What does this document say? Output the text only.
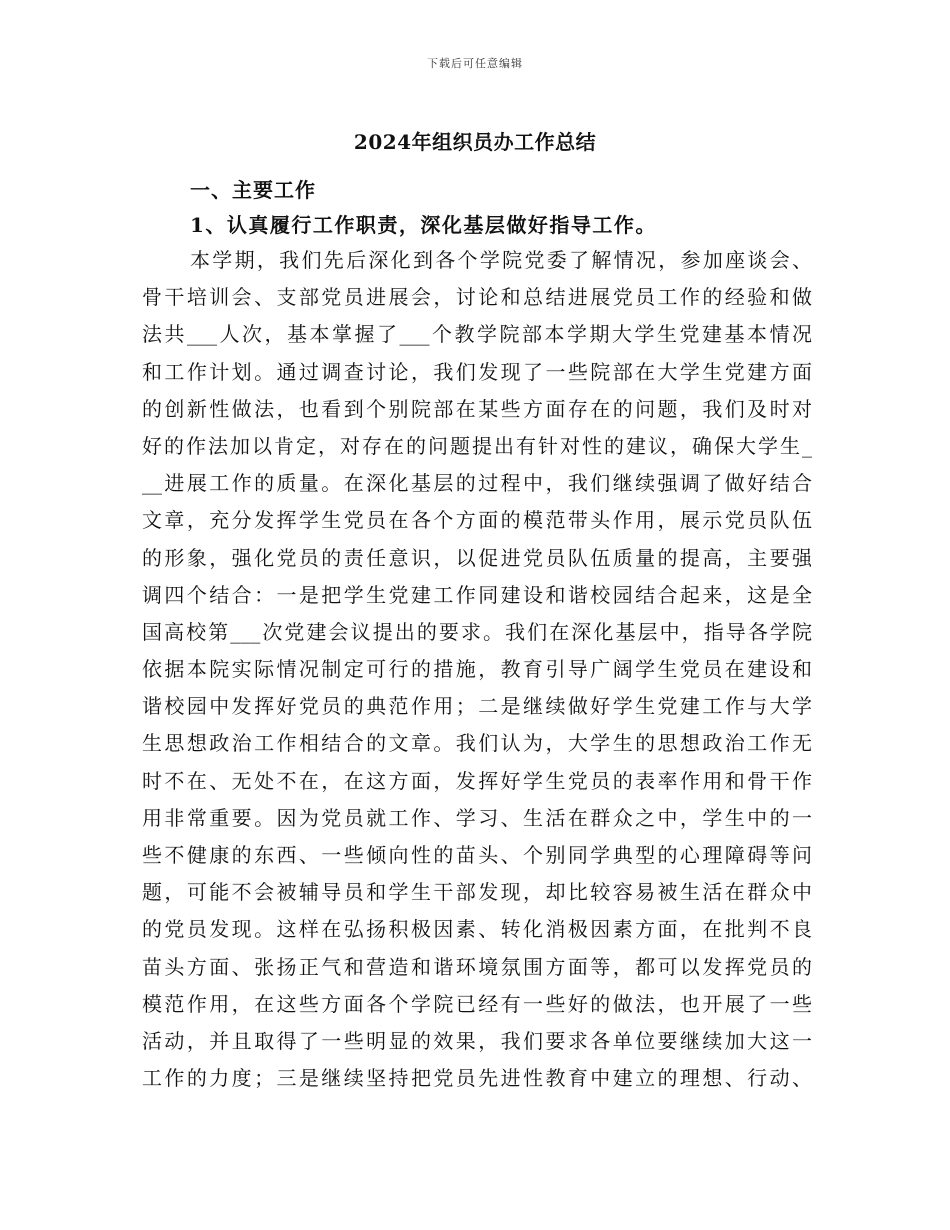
下载后可任意编辑
2024年组织员办工作总结
一、主要工作
1、认真履行工作职责，深化基层做好指导工作。
本学期，我们先后深化到各个学院党委了解情况，参加座谈会、
骨干培训会、支部党员进展会，讨论和总结进展党员工作的经验和做
法共___人次，基本掌握了___个教学院部本学期大学生党建基本情况
和工作计划。通过调查讨论，我们发现了一些院部在大学生党建方面
的创新性做法，也看到个别院部在某些方面存在的问题，我们及时对
好的作法加以肯定，对存在的问题提出有针对性的建议，确保大学生_
__进展工作的质量。在深化基层的过程中，我们继续强调了做好结合
文章，充分发挥学生党员在各个方面的模范带头作用，展示党员队伍
的形象，强化党员的责任意识，以促进党员队伍质量的提高，主要强
调四个结合：一是把学生党建工作同建设和谐校园结合起来，这是全
国高校第___次党建会议提出的要求。我们在深化基层中，指导各学院
依据本院实际情况制定可行的措施，教育引导广阔学生党员在建设和
谐校园中发挥好党员的典范作用；二是继续做好学生党建工作与大学
生思想政治工作相结合的文章。我们认为，大学生的思想政治工作无
时不在、无处不在，在这方面，发挥好学生党员的表率作用和骨干作
用非常重要。因为党员就工作、学习、生活在群众之中，学生中的一
些不健康的东西、一些倾向性的苗头、个别同学典型的心理障碍等问
题，可能不会被辅导员和学生干部发现，却比较容易被生活在群众中
的党员发现。这样在弘扬积极因素、转化消极因素方面，在批判不良
苗头方面、张扬正气和营造和谐环境氛围方面等，都可以发挥党员的
模范作用，在这些方面各个学院已经有一些好的做法，也开展了一些
活动，并且取得了一些明显的效果，我们要求各单位要继续加大这一
工作的力度；三是继续坚持把党员先进性教育中建立的理想、行动、
